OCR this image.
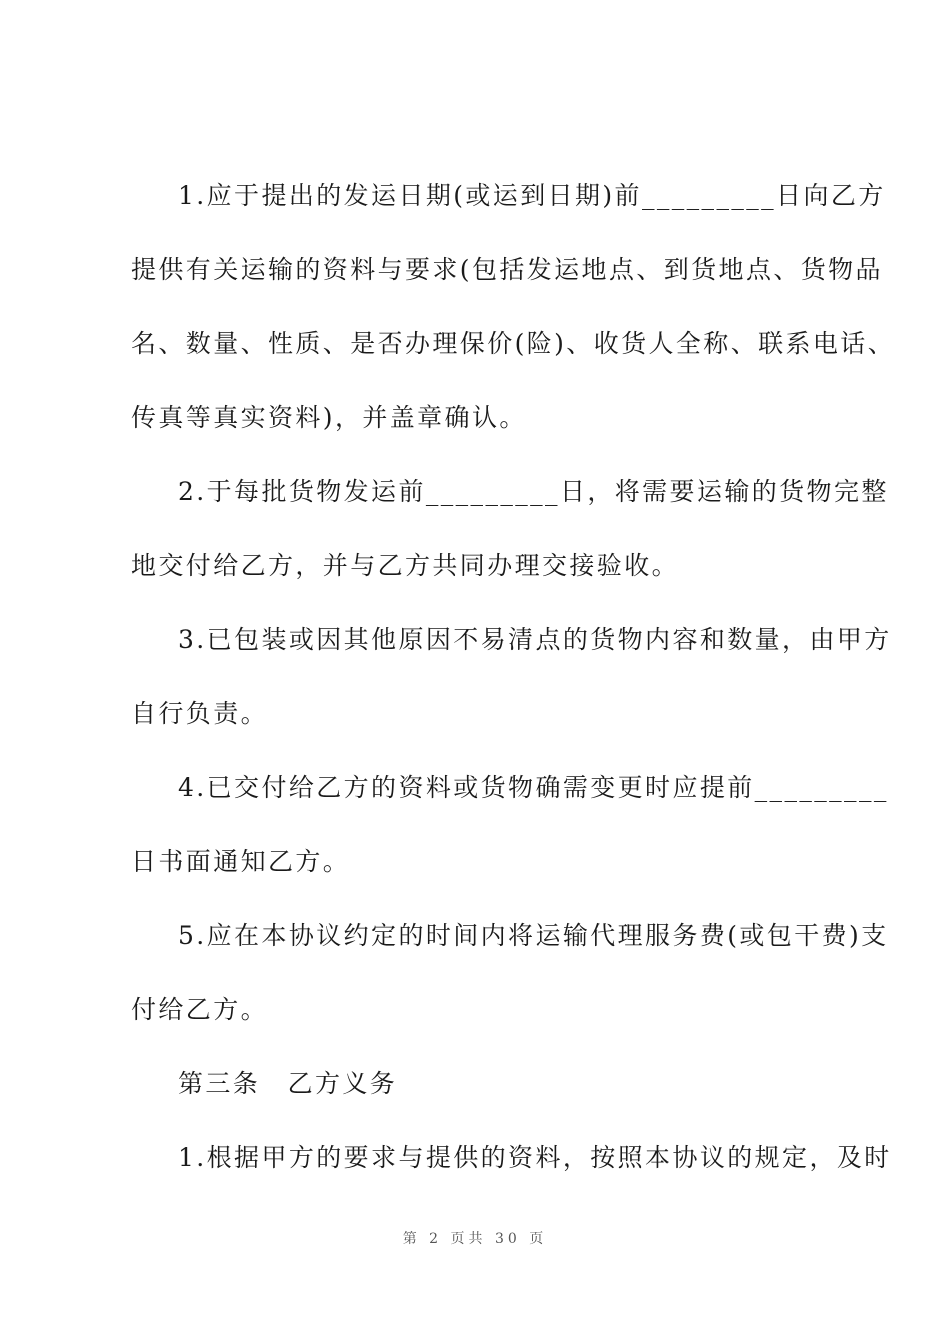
1.应于提出的发运日期(或运到日期)前_________日向乙方
提供有关运输的资料与要求(包括发运地点、到货地点、货物品
名、数量、性质、是否办理保价(险)、收货人全称、联系电话、
传真等真实资料)，并盖章确认。
2.于每批货物发运前_________日，将需要运输的货物完整
地交付给乙方，并与乙方共同办理交接验收。
3.已包装或因其他原因不易清点的货物内容和数量，由甲方
自行负责。
4.已交付给乙方的资料或货物确需变更时应提前_________
日书面通知乙方。
5.应在本协议约定的时间内将运输代理服务费(或包干费)支
付给乙方。
第三条　乙方义务
1.根据甲方的要求与提供的资料，按照本协议的规定，及时
第 2 页共 30 页
